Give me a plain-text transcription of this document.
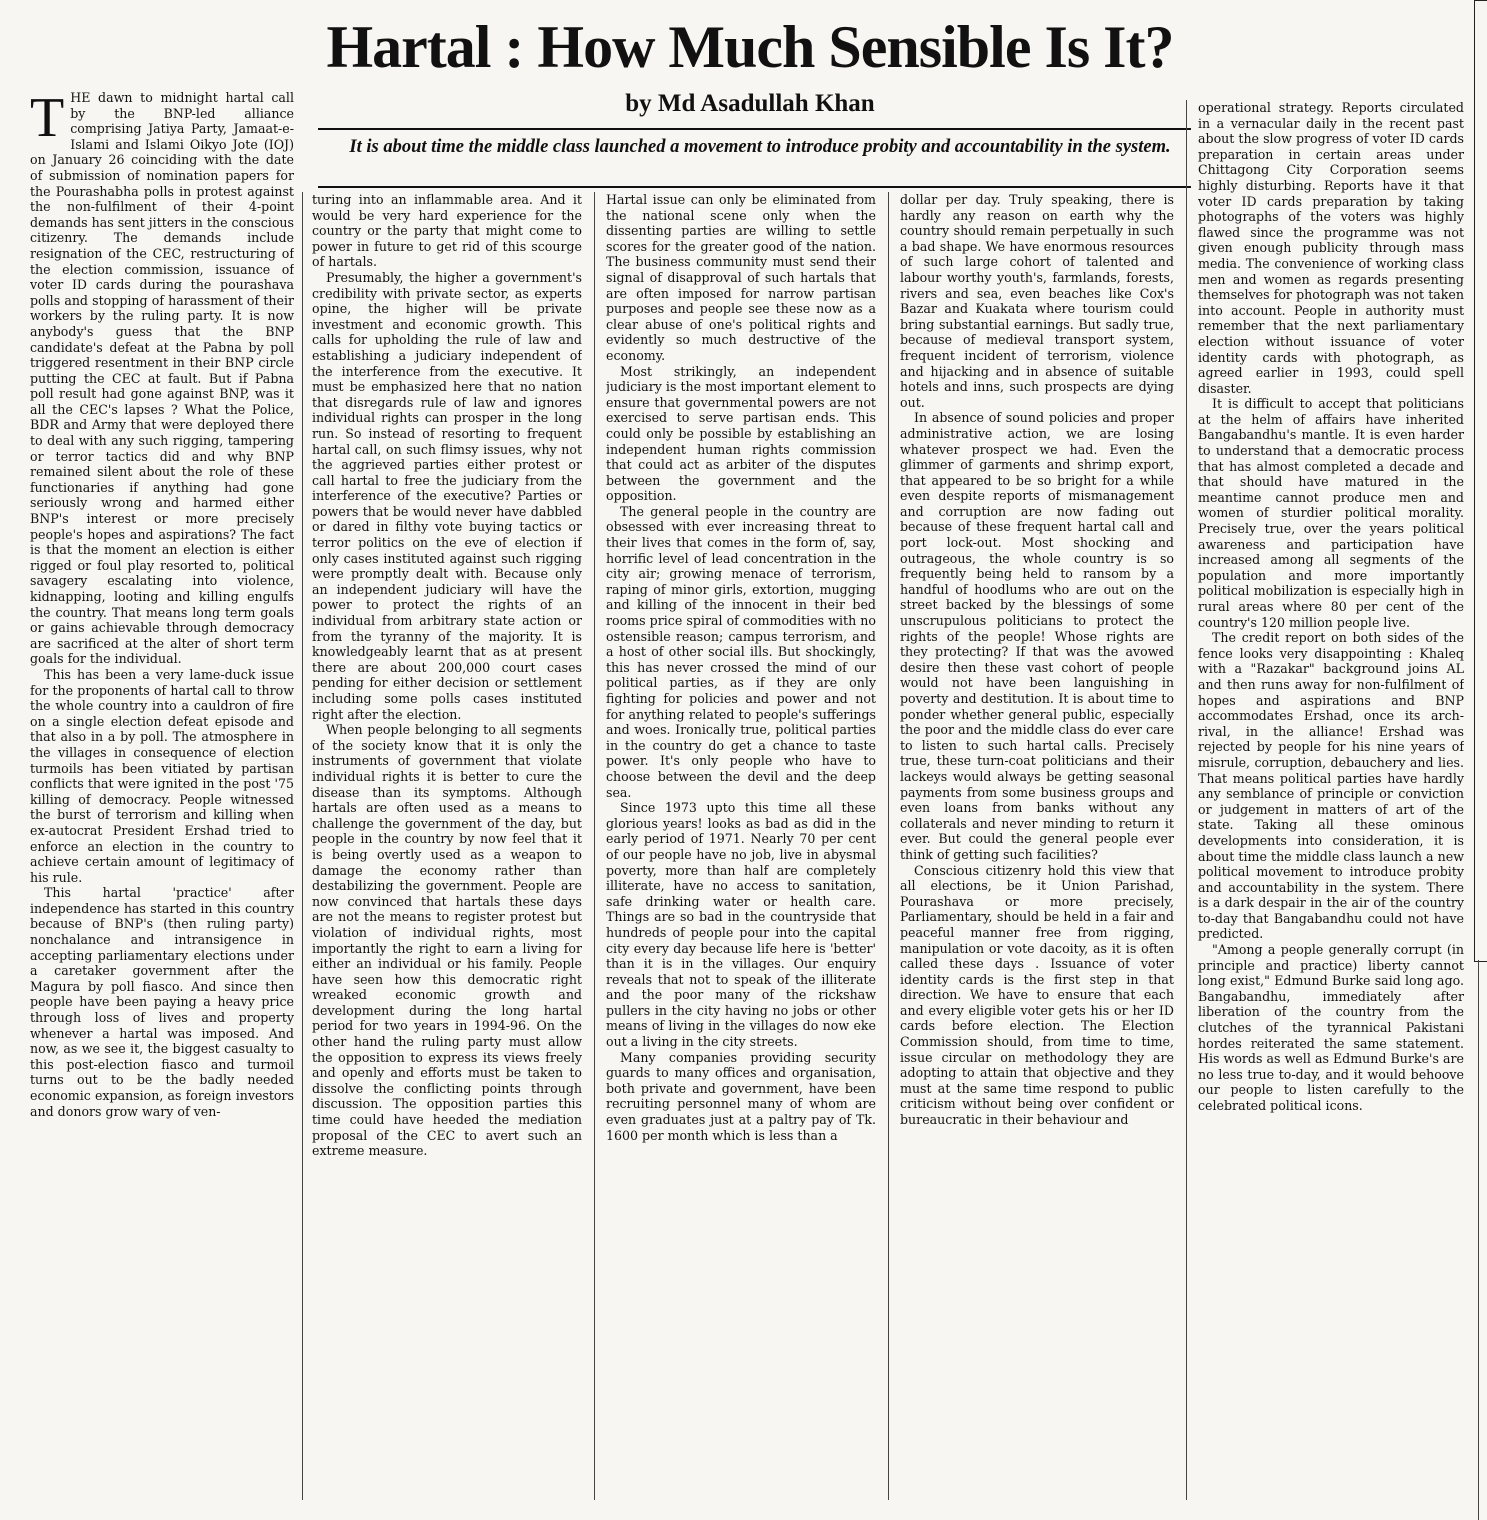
Hartal : How Much Sensible Is It?
by Md Asadullah Khan
It is about time the middle class launched a movement to introduce probity and accountability in the system.

THE dawn to midnight hartal call by the BNP-led alliance comprising Jatiya Party, Jamaat-e-Islami and Islami Oikyo Jote (IOJ) on January 26 coinciding with the date of submission of nomination papers for the Pourashabha polls in protest against the non-fulfilment of their 4-point demands has sent jitters in the conscious citizenry. The demands include resignation of the CEC, restructuring of the election commission, issuance of voter ID cards during the pourashava polls and stopping of harassment of their workers by the ruling party. It is now anybody's guess that the BNP candidate's defeat at the Pabna by poll triggered resentment in their BNP circle putting the CEC at fault. But if Pabna poll result had gone against BNP, was it all the CEC's lapses ? What the Police, BDR and Army that were deployed there to deal with any such rigging, tampering or terror tactics did and why BNP remained silent about the role of these functionaries if anything had gone seriously wrong and harmed either BNP's interest or more precisely people's hopes and aspirations? The fact is that the moment an election is either rigged or foul play resorted to, political savagery escalating into violence, kidnapping, looting and killing engulfs the country. That means long term goals or gains achievable through democracy are sacrificed at the alter of short term goals for the individual.

This has been a very lame-duck issue for the proponents of hartal call to throw the whole country into a cauldron of fire on a single election defeat episode and that also in a by poll. The atmosphere in the villages in consequence of election turmoils has been vitiated by partisan conflicts that were ignited in the post '75 killing of democracy. People witnessed the burst of terrorism and killing when ex-autocrat President Ershad tried to enforce an election in the country to achieve certain amount of legitimacy of his rule.

This hartal 'practice' after independence has started in this country because of BNP's (then ruling party) nonchalance and intransigence in accepting parliamentary elections under a caretaker government after the Magura by poll fiasco. And since then people have been paying a heavy price through loss of lives and property whenever a hartal was imposed. And now, as we see it, the biggest casualty to this post-election fiasco and turmoil turns out to be the badly needed economic expansion, as foreign investors and donors grow wary of ven-

turing into an inflammable area. And it would be very hard experience for the country or the party that might come to power in future to get rid of this scourge of hartals.

Presumably, the higher a government's credibility with private sector, as experts opine, the higher will be private investment and economic growth. This calls for upholding the rule of law and establishing a judiciary independent of the interference from the executive. It must be emphasized here that no nation that disregards rule of law and ignores individual rights can prosper in the long run. So instead of resorting to frequent hartal call, on such flimsy issues, why not the aggrieved parties either protest or call hartal to free the judiciary from the interference of the executive? Parties or powers that be would never have dabbled or dared in filthy vote buying tactics or terror politics on the eve of election if only cases instituted against such rigging were promptly dealt with. Because only an independent judiciary will have the power to protect the rights of an individual from arbitrary state action or from the tyranny of the majority. It is knowledgeably learnt that as at present there are about 200,000 court cases pending for either decision or settlement including some polls cases instituted right after the election.

When people belonging to all segments of the society know that it is only the instruments of government that violate individual rights it is better to cure the disease than its symptoms. Although hartals are often used as a means to challenge the government of the day, but people in the country by now feel that it is being overtly used as a weapon to damage the economy rather than destabilizing the government. People are now convinced that hartals these days are not the means to register protest but violation of individual rights, most importantly the right to earn a living for either an individual or his family. People have seen how this democratic right wreaked economic growth and development during the long hartal period for two years in 1994-96. On the other hand the ruling party must allow the opposition to express its views freely and openly and efforts must be taken to dissolve the conflicting points through discussion. The opposition parties this time could have heeded the mediation proposal of the CEC to avert such an extreme measure.

Hartal issue can only be eliminated from the national scene only when the dissenting parties are willing to settle scores for the greater good of the nation. The business community must send their signal of disapproval of such hartals that are often imposed for narrow partisan purposes and people see these now as a clear abuse of one's political rights and evidently so much destructive of the economy.

Most strikingly, an independent judiciary is the most important element to ensure that governmental powers are not exercised to serve partisan ends. This could only be possible by establishing an independent human rights commission that could act as arbiter of the disputes between the government and the opposition.

The general people in the country are obsessed with ever increasing threat to their lives that comes in the form of, say, horrific level of lead concentration in the city air; growing menace of terrorism, raping of minor girls, extortion, mugging and killing of the innocent in their bed rooms price spiral of commodities with no ostensible reason; campus terrorism, and a host of other social ills. But shockingly, this has never crossed the mind of our political parties, as if they are only fighting for policies and power and not for anything related to people's sufferings and woes. Ironically true, political parties in the country do get a chance to taste power. It's only people who have to choose between the devil and the deep sea.

Since 1973 upto this time all these glorious years! looks as bad as did in the early period of 1971. Nearly 70 per cent of our people have no job, live in abysmal poverty, more than half are completely illiterate, have no access to sanitation, safe drinking water or health care. Things are so bad in the countryside that hundreds of people pour into the capital city every day because life here is 'better' than it is in the villages. Our enquiry reveals that not to speak of the illiterate and the poor many of the rickshaw pullers in the city having no jobs or other means of living in the villages do now eke out a living in the city streets.

Many companies providing security guards to many offices and organisation, both private and government, have been recruiting personnel many of whom are even graduates just at a paltry pay of Tk. 1600 per month which is less than a

dollar per day. Truly speaking, there is hardly any reason on earth why the country should remain perpetually in such a bad shape. We have enormous resources of such large cohort of talented and labour worthy youth's, farmlands, forests, rivers and sea, even beaches like Cox's Bazar and Kuakata where tourism could bring substantial earnings. But sadly true, because of medieval transport system, frequent incident of terrorism, violence and hijacking and in absence of suitable hotels and inns, such prospects are dying out.

In absence of sound policies and proper administrative action, we are losing whatever prospect we had. Even the glimmer of garments and shrimp export, that appeared to be so bright for a while even despite reports of mismanagement and corruption are now fading out because of these frequent hartal call and port lock-out. Most shocking and outrageous, the whole country is so frequently being held to ransom by a handful of hoodlums who are out on the street backed by the blessings of some unscrupulous politicians to protect the rights of the people! Whose rights are they protecting? If that was the avowed desire then these vast cohort of people would not have been languishing in poverty and destitution. It is about time to ponder whether general public, especially the poor and the middle class do ever care to listen to such hartal calls. Precisely true, these turn-coat politicians and their lackeys would always be getting seasonal payments from some business groups and even loans from banks without any collaterals and never minding to return it ever. But could the general people ever think of getting such facilities?

Conscious citizenry hold this view that all elections, be it Union Parishad, Pourashava or more precisely, Parliamentary, should be held in a fair and peaceful manner free from rigging, manipulation or vote dacoity, as it is often called these days . Issuance of voter identity cards is the first step in that direction. We have to ensure that each and every eligible voter gets his or her ID cards before election. The Election Commission should, from time to time, issue circular on methodology they are adopting to attain that objective and they must at the same time respond to public criticism without being over confident or bureaucratic in their behaviour and

operational strategy. Reports circulated in a vernacular daily in the recent past about the slow progress of voter ID cards preparation in certain areas under Chittagong City Corporation seems highly disturbing. Reports have it that voter ID cards preparation by taking photographs of the voters was highly flawed since the programme was not given enough publicity through mass media. The convenience of working class men and women as regards presenting themselves for photograph was not taken into account. People in authority must remember that the next parliamentary election without issuance of voter identity cards with photograph, as agreed earlier in 1993, could spell disaster.

It is difficult to accept that politicians at the helm of affairs have inherited Bangabandhu's mantle. It is even harder to understand that a democratic process that has almost completed a decade and that should have matured in the meantime cannot produce men and women of sturdier political morality. Precisely true, over the years political awareness and participation have increased among all segments of the population and more importantly political mobilization is especially high in rural areas where 80 per cent of the country's 120 million people live.

The credit report on both sides of the fence looks very disappointing : Khaleq with a "Razakar" background joins AL and then runs away for non-fulfilment of hopes and aspirations and BNP accommodates Ershad, once its arch-rival, in the alliance! Ershad was rejected by people for his nine years of misrule, corruption, debauchery and lies. That means political parties have hardly any semblance of principle or conviction or judgement in matters of art of the state. Taking all these ominous developments into consideration, it is about time the middle class launch a new political movement to introduce probity and accountability in the system. There is a dark despair in the air of the country to-day that Bangabandhu could not have predicted.

"Among a people generally corrupt (in principle and practice) liberty cannot long exist," Edmund Burke said long ago. Bangabandhu, immediately after liberation of the country from the clutches of the tyrannical Pakistani hordes reiterated the same statement. His words as well as Edmund Burke's are no less true to-day, and it would behoove our people to listen carefully to the celebrated political icons.
